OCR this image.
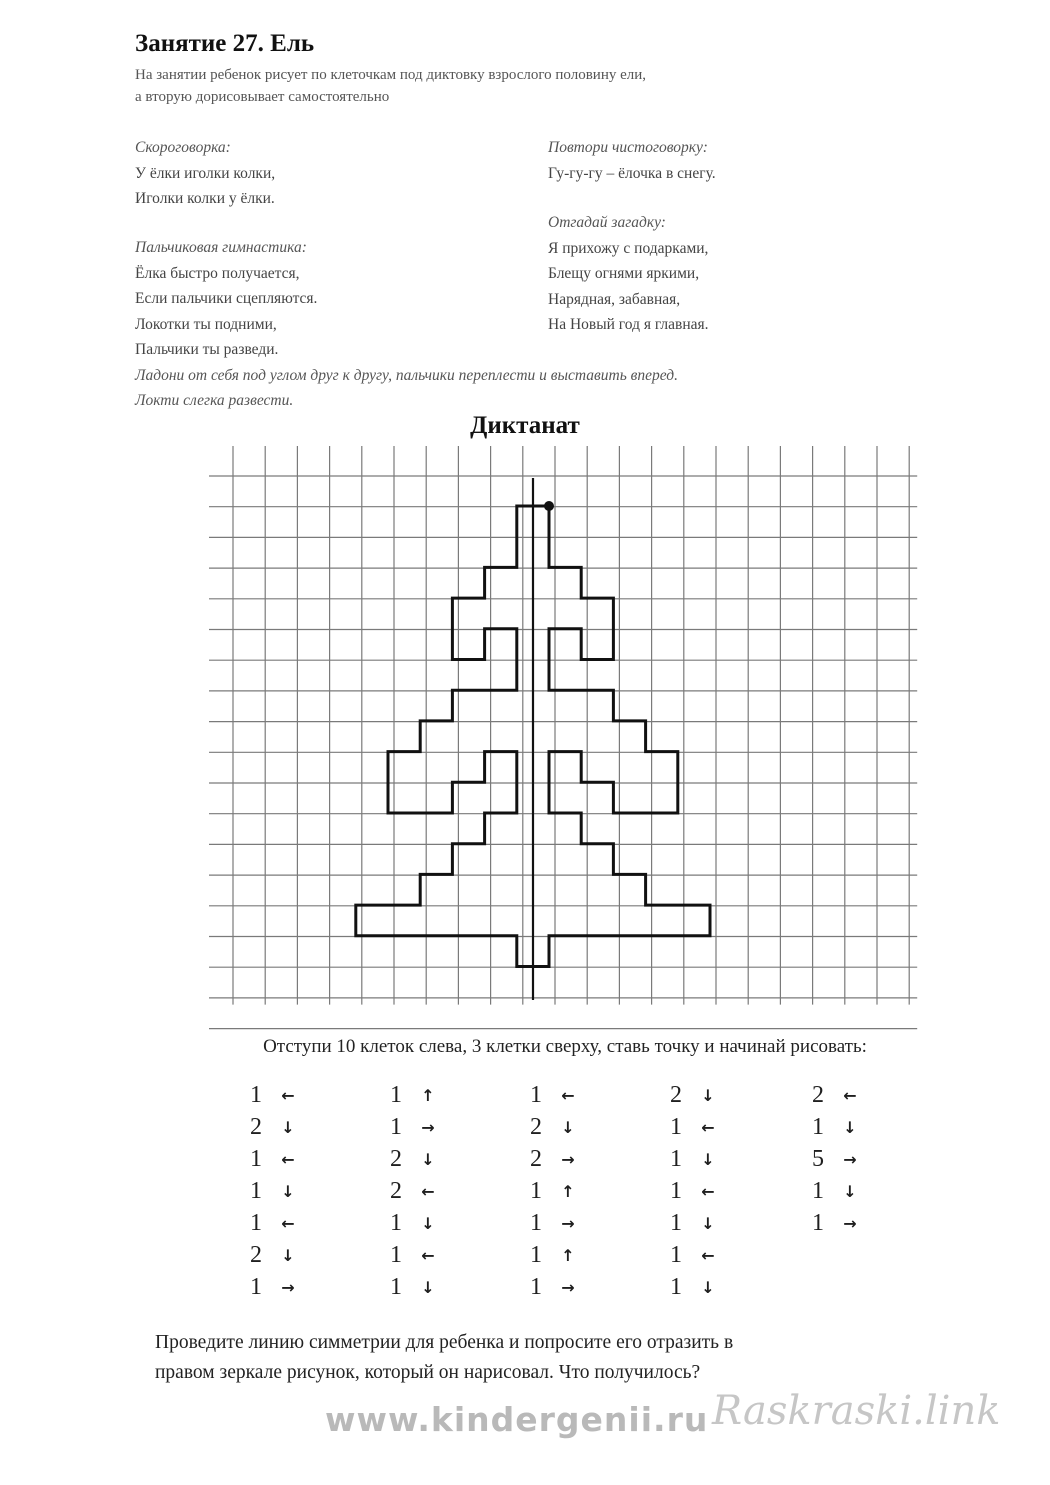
Занятие 27. Ель
На занятии ребенок рисует по клеточкам под диктовку взрослого половину ели,
а вторую дорисовывает самостоятельно
Скороговорка:
У ёлки иголки колки,
Иголки колки у ёлки.
Повтори чистоговорку:
Гу-гу-гу – ёлочка в снегу.
Отгадай загадку:
Я прихожу с подарками,
Блещу огнями яркими,
Нарядная, забавная,
На Новый год я главная.
Пальчиковая гимнастика:
Ёлка быстро получается,
Если пальчики сцепляются.
Локотки ты подними,
Пальчики ты разведи.
Ладони от себя под углом друг к другу, пальчики переплести и выставить вперед.
Локти слегка развести.
Диктанат
Отступи 10 клеток слева, 3 клетки сверху, ставь точку и начинай рисовать:
1	←
2	↓
1	←
1	↓
1	←
2	↓
1	→
1	↑
1	→
2	↓
2	←
1	↓
1	←
1	↓
1	←
2	↓
2	→
1	↑
1	→
1	↑
1	→
2	↓
1	←
1	↓
1	←
1	↓
1	←
1	↓
2	←
1	↓
5	→
1	↓
1	→
Проведите линию симметрии для ребенка и попросите его отразить в
правом зеркале рисунок, который он нарисовал. Что получилось?
www.kindergenii.ru Raskraski.link
